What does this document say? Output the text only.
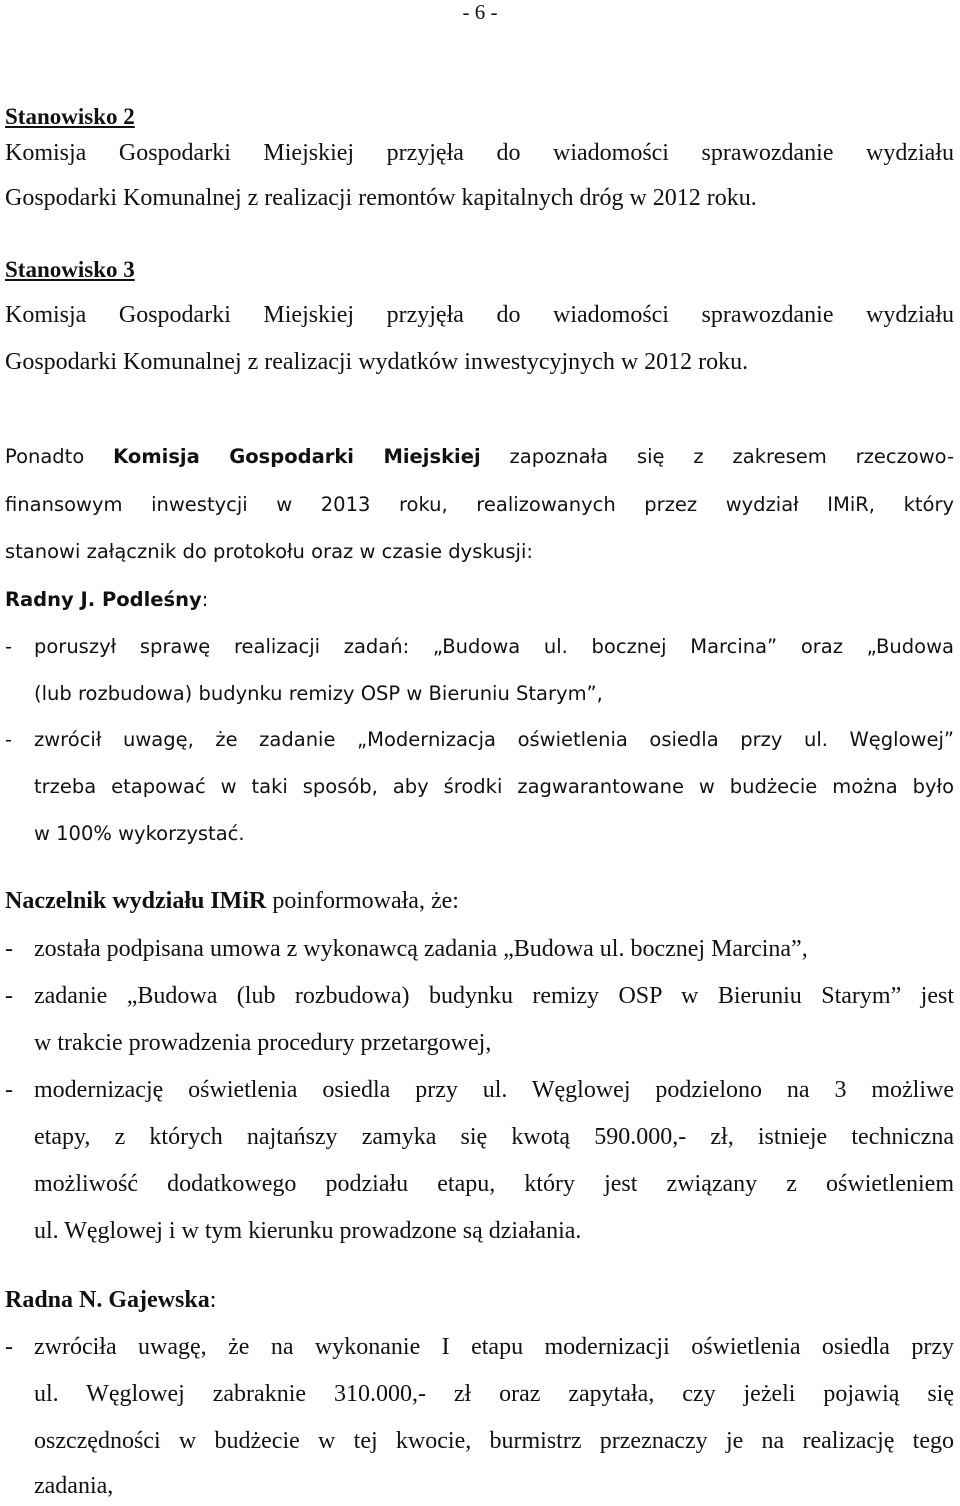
- 6 -
Stanowisko 2
Komisja Gospodarki Miejskiej przyjęła do wiadomości sprawozdanie wydziału
Gospodarki Komunalnej z realizacji remontów kapitalnych dróg w 2012 roku.
Stanowisko 3
Komisja Gospodarki Miejskiej przyjęła do wiadomości sprawozdanie wydziału
Gospodarki Komunalnej z realizacji wydatków inwestycyjnych w 2012 roku.
Ponadto Komisja Gospodarki Miejskiej zapoznała się z zakresem rzeczowo-
finansowym inwestycji w 2013 roku, realizowanych przez wydział IMiR, który
stanowi załącznik do protokołu oraz w czasie dyskusji:
Radny J. Podleśny:
- poruszył sprawę realizacji zadań: „Budowa ul. bocznej Marcina” oraz „Budowa
(lub rozbudowa) budynku remizy OSP w Bieruniu Starym”,
- zwrócił uwagę, że zadanie „Modernizacja oświetlenia osiedla przy ul. Węglowej”
trzeba etapować w taki sposób, aby środki zagwarantowane w budżecie można było
w 100% wykorzystać.
Naczelnik wydziału IMiR poinformowała, że:
- została podpisana umowa z wykonawcą zadania „Budowa ul. bocznej Marcina”,
- zadanie „Budowa (lub rozbudowa) budynku remizy OSP w Bieruniu Starym” jest
w trakcie prowadzenia procedury przetargowej,
- modernizację oświetlenia osiedla przy ul. Węglowej podzielono na 3 możliwe
etapy, z których najtańszy zamyka się kwotą 590.000,- zł, istnieje techniczna
możliwość dodatkowego podziału etapu, który jest związany z oświetleniem
ul. Węglowej i w tym kierunku prowadzone są działania.
Radna N. Gajewska:
- zwróciła uwagę, że na wykonanie I etapu modernizacji oświetlenia osiedla przy
ul. Węglowej zabraknie 310.000,- zł oraz zapytała, czy jeżeli pojawią się
oszczędności w budżecie w tej kwocie, burmistrz przeznaczy je na realizację tego
zadania,
